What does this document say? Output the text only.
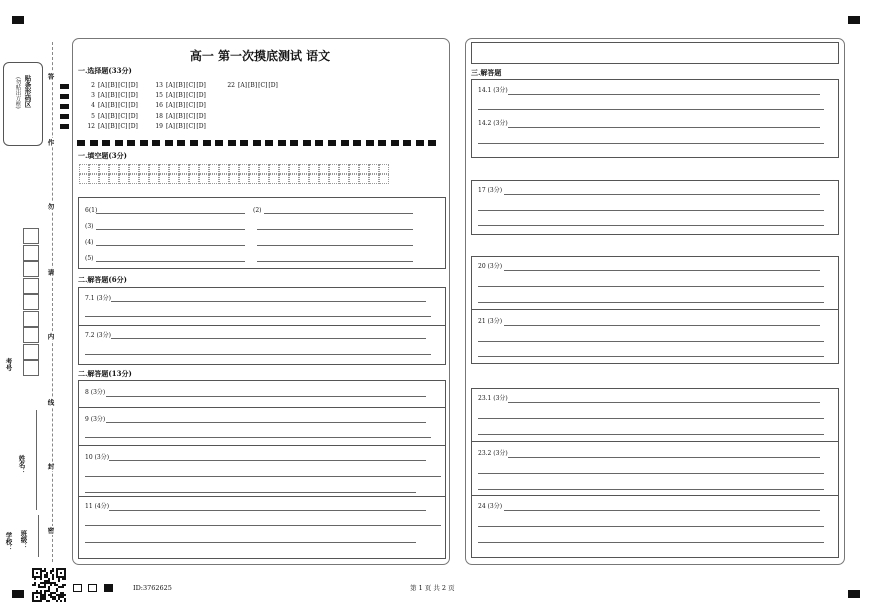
贴条形码区
(勿贴出方框)
考号
姓名：
班级：
学校：
答
作
勿
请
内
线
封
密
高一 第一次摸底测试 语文
一.选择题(33分)
2 [A][B][C][D]
3 [A][B][C][D]
4 [A][B][C][D]
5 [A][B][C][D]
12 [A][B][C][D]
13 [A][B][C][D]
15 [A][B][C][D]
16 [A][B][C][D]
18 [A][B][C][D]
19 [A][B][C][D]
22 [A][B][C][D]
一.填空题(3分)
6(1)	(2)
(3)
(4)
(5)
二.解答题(6分)
7.1 (3分)
7.2 (3分)
二.解答题(13分)
8 (3分)
9 (3分)
10 (3分)
11 (4分)
三.解答题
14.1 (3分)
14.2 (3分)
17 (3分)
20 (3分)
21 (3分)
23.1 (3分)
23.2 (3分)
24 (3分)
ID:3762625	第 1 页 共 2 页
